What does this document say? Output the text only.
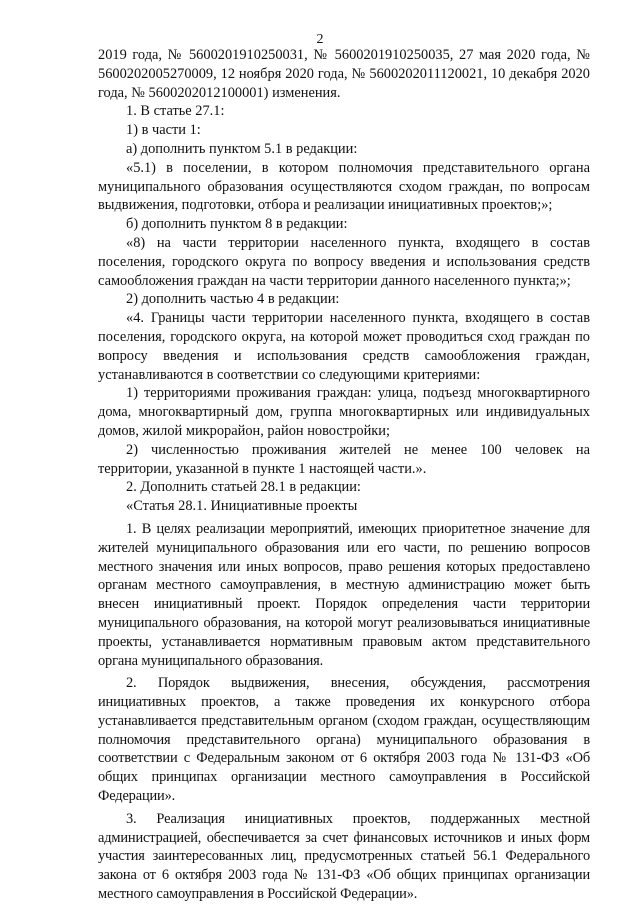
2

2019 года, № 5600201910250031, № 5600201910250035, 27 мая 2020 года, № 5600202005270009, 12 ноября 2020 года, № 5600202011120021, 10 декабря 2020 года, № 5600202012100001) изменения.

1. В статье 27.1:

1) в части 1:

а) дополнить пунктом 5.1 в редакции:

«5.1) в поселении, в котором полномочия представительного органа муниципального образования осуществляются сходом граждан, по вопросам выдвижения, подготовки, отбора и реализации инициативных проектов;»;

б) дополнить пунктом 8 в редакции:

«8) на части территории населенного пункта, входящего в состав поселения, городского округа по вопросу введения и использования средств самообложения граждан на части территории данного населенного пункта;»;

2) дополнить частью 4 в редакции:

«4. Границы части территории населенного пункта, входящего в состав поселения, городского округа, на которой может проводиться сход граждан по вопросу введения и использования средств самообложения граждан, устанавливаются в соответствии со следующими критериями:

1) территориями проживания граждан: улица, подъезд многоквартирного дома, многоквартирный дом, группа многоквартирных или индивидуальных домов, жилой микрорайон, район новостройки;

2) численностью проживания жителей не менее 100 человек на территории, указанной в пункте 1 настоящей части.».

2. Дополнить статьей 28.1 в редакции:

«Статья 28.1. Инициативные проекты

1. В целях реализации мероприятий, имеющих приоритетное значение для жителей муниципального образования или его части, по решению вопросов местного значения или иных вопросов, право решения которых предоставлено органам местного самоуправления, в местную администрацию может быть внесен инициативный проект. Порядок определения части территории муниципального образования, на которой могут реализовываться инициативные проекты, устанавливается нормативным правовым актом представительного органа муниципального образования.

2. Порядок выдвижения, внесения, обсуждения, рассмотрения инициативных проектов, а также проведения их конкурсного отбора устанавливается представительным органом (сходом граждан, осуществляющим полномочия представительного органа) муниципального образования в соответствии с Федеральным законом от 6 октября 2003 года № 131-ФЗ «Об общих принципах организации местного самоуправления в Российской Федерации».

3. Реализация инициативных проектов, поддержанных местной администрацией, обеспечивается за счет финансовых источников и иных форм участия заинтересованных лиц, предусмотренных статьей 56.1 Федерального закона от 6 октября 2003 года № 131-ФЗ «Об общих принципах организации местного самоуправления в Российской Федерации».
